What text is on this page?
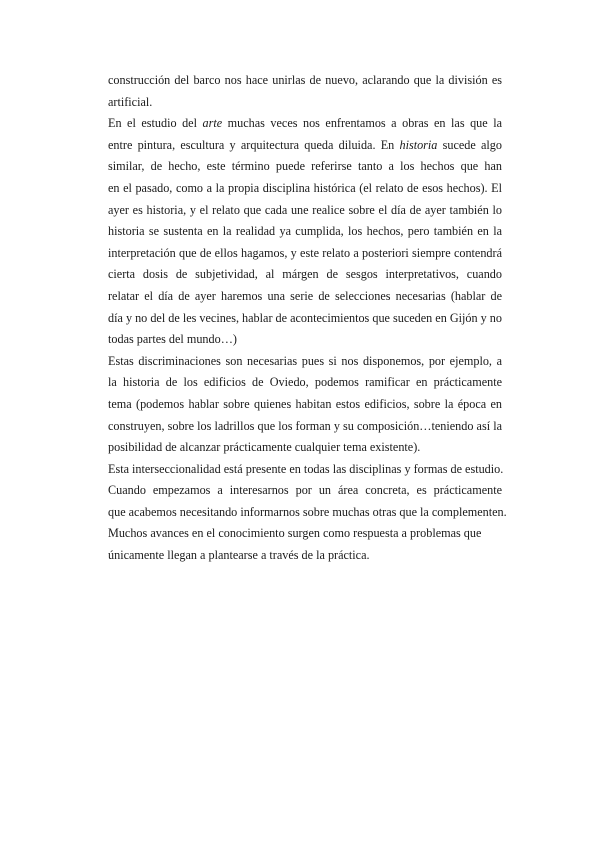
construcción del barco nos hace unirlas de nuevo, aclarando que la división es
artificial.
En el estudio del arte muchas veces nos enfrentamos a obras en las que la
entre pintura, escultura y arquitectura queda diluida. En historia sucede algo
similar, de hecho, este término puede referirse tanto a los hechos que han
en el pasado, como a la propia disciplina histórica (el relato de esos hechos). El
ayer es historia, y el relato que cada une realice sobre el día de ayer también lo
historia se sustenta en la realidad ya cumplida, los hechos, pero también en la
interpretación que de ellos hagamos, y este relato a posteriori siempre contendrá
cierta dosis de subjetividad, al márgen de sesgos interpretativos, cuando
relatar el día de ayer haremos una serie de selecciones necesarias (hablar de
día y no del de les vecines, hablar de acontecimientos que suceden en Gijón y no
todas partes del mundo…)
Estas discriminaciones son necesarias pues si nos disponemos, por ejemplo, a
la historia de los edificios de Oviedo, podemos ramificar en prácticamente
tema (podemos hablar sobre quienes habitan estos edificios, sobre la época en
construyen, sobre los ladrillos que los forman y su composición…teniendo así la
posibilidad de alcanzar prácticamente cualquier tema existente).
Esta interseccionalidad está presente en todas las disciplinas y formas de estudio.
Cuando empezamos a interesarnos por un área concreta, es prácticamente
que acabemos necesitando informarnos sobre muchas otras que la complementen.
Muchos avances en el conocimiento surgen como respuesta a problemas que
únicamente llegan a plantearse a través de la práctica.
